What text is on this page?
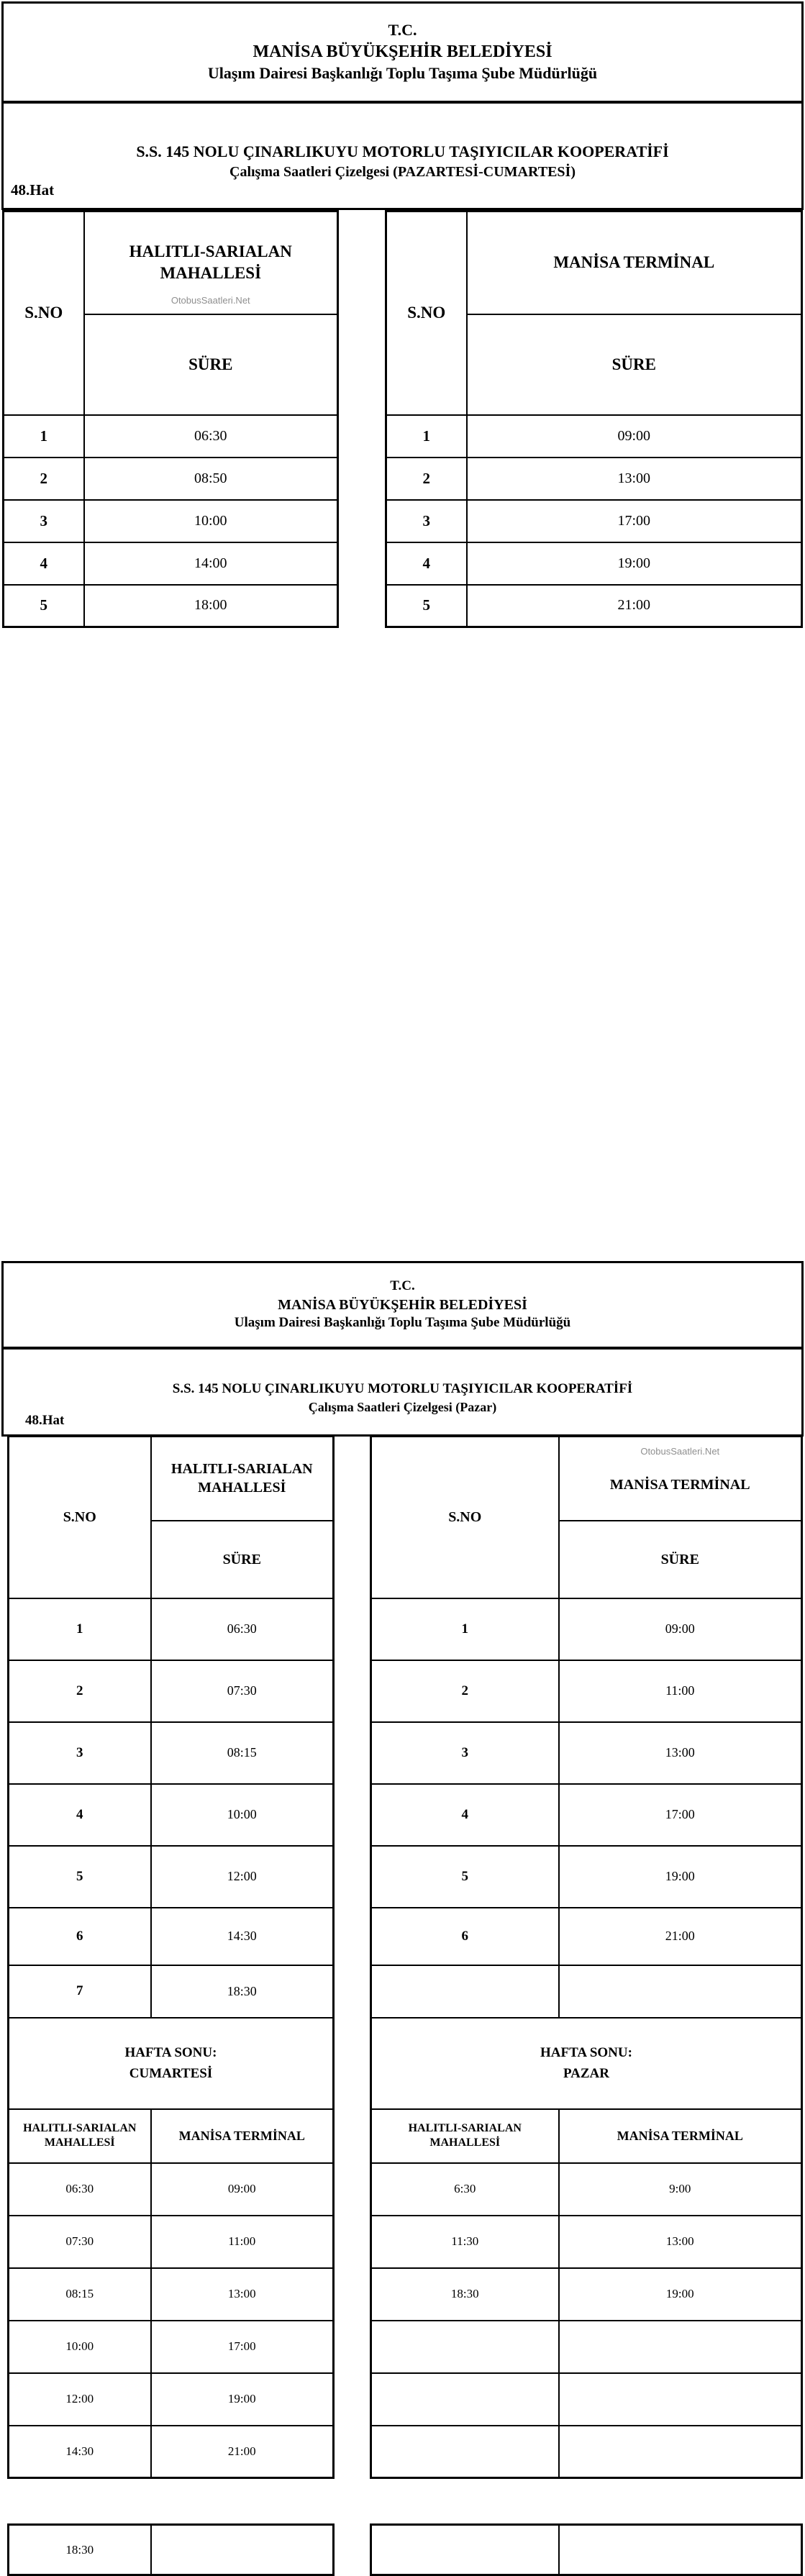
T.C.
MANİSA BÜYÜKŞEHİR BELEDİYESİ
Ulaşım Dairesi Başkanlığı Toplu Taşıma Şube Müdürlüğü
S.S. 145 NOLU ÇINARLIKUYU MOTORLU TAŞIYICILAR KOOPERATİFİ
Çalışma Saatleri Çizelgesi (PAZARTESİ-CUMARTESİ)
48.Hat
S.NO	HALITLI-SARIALAN
MAHALLESİ
OtobusSaatleri.Net

	SÜRE
1	06:30
2	08:50
3	10:00
4	14:00
5	18:00
S.NO	MANİSA TERMİNAL
	SÜRE
1	09:00
2	13:00
3	17:00
4	19:00
5	21:00
T.C.
MANİSA BÜYÜKŞEHİR BELEDİYESİ
Ulaşım Dairesi Başkanlığı Toplu Taşıma Şube Müdürlüğü
S.S. 145 NOLU ÇINARLIKUYU MOTORLU TAŞIYICILAR KOOPERATİFİ
Çalışma Saatleri Çizelgesi (Pazar)
48.Hat
S.NO	HALITLI-SARIALAN
MAHALLESİ

	SÜRE
1	06:30
2	07:30
3	08:15
4	10:00
5	12:00
6	14:30
7	18:30

HAFTA SONU:
CUMARTESİ	

HALITLI-SARIALAN
MAHALLESİ	MANİSA TERMİNAL
06:30	09:00
07:30	11:00
08:15	13:00
10:00	17:00
12:00	19:00
14:30	21:00
S.NO	OtobusSaatleri.Net
MANİSA TERMİNAL

	SÜRE
1	09:00
2	11:00
3	13:00
4	17:00
5	19:00
6	21:00

HAFTA SONU:
PAZAR	

HALITLI-SARIALAN
MAHALLESİ	MANİSA TERMİNAL
6:30	9:00
11:30	13:00
18:30	19:00

18:30	
